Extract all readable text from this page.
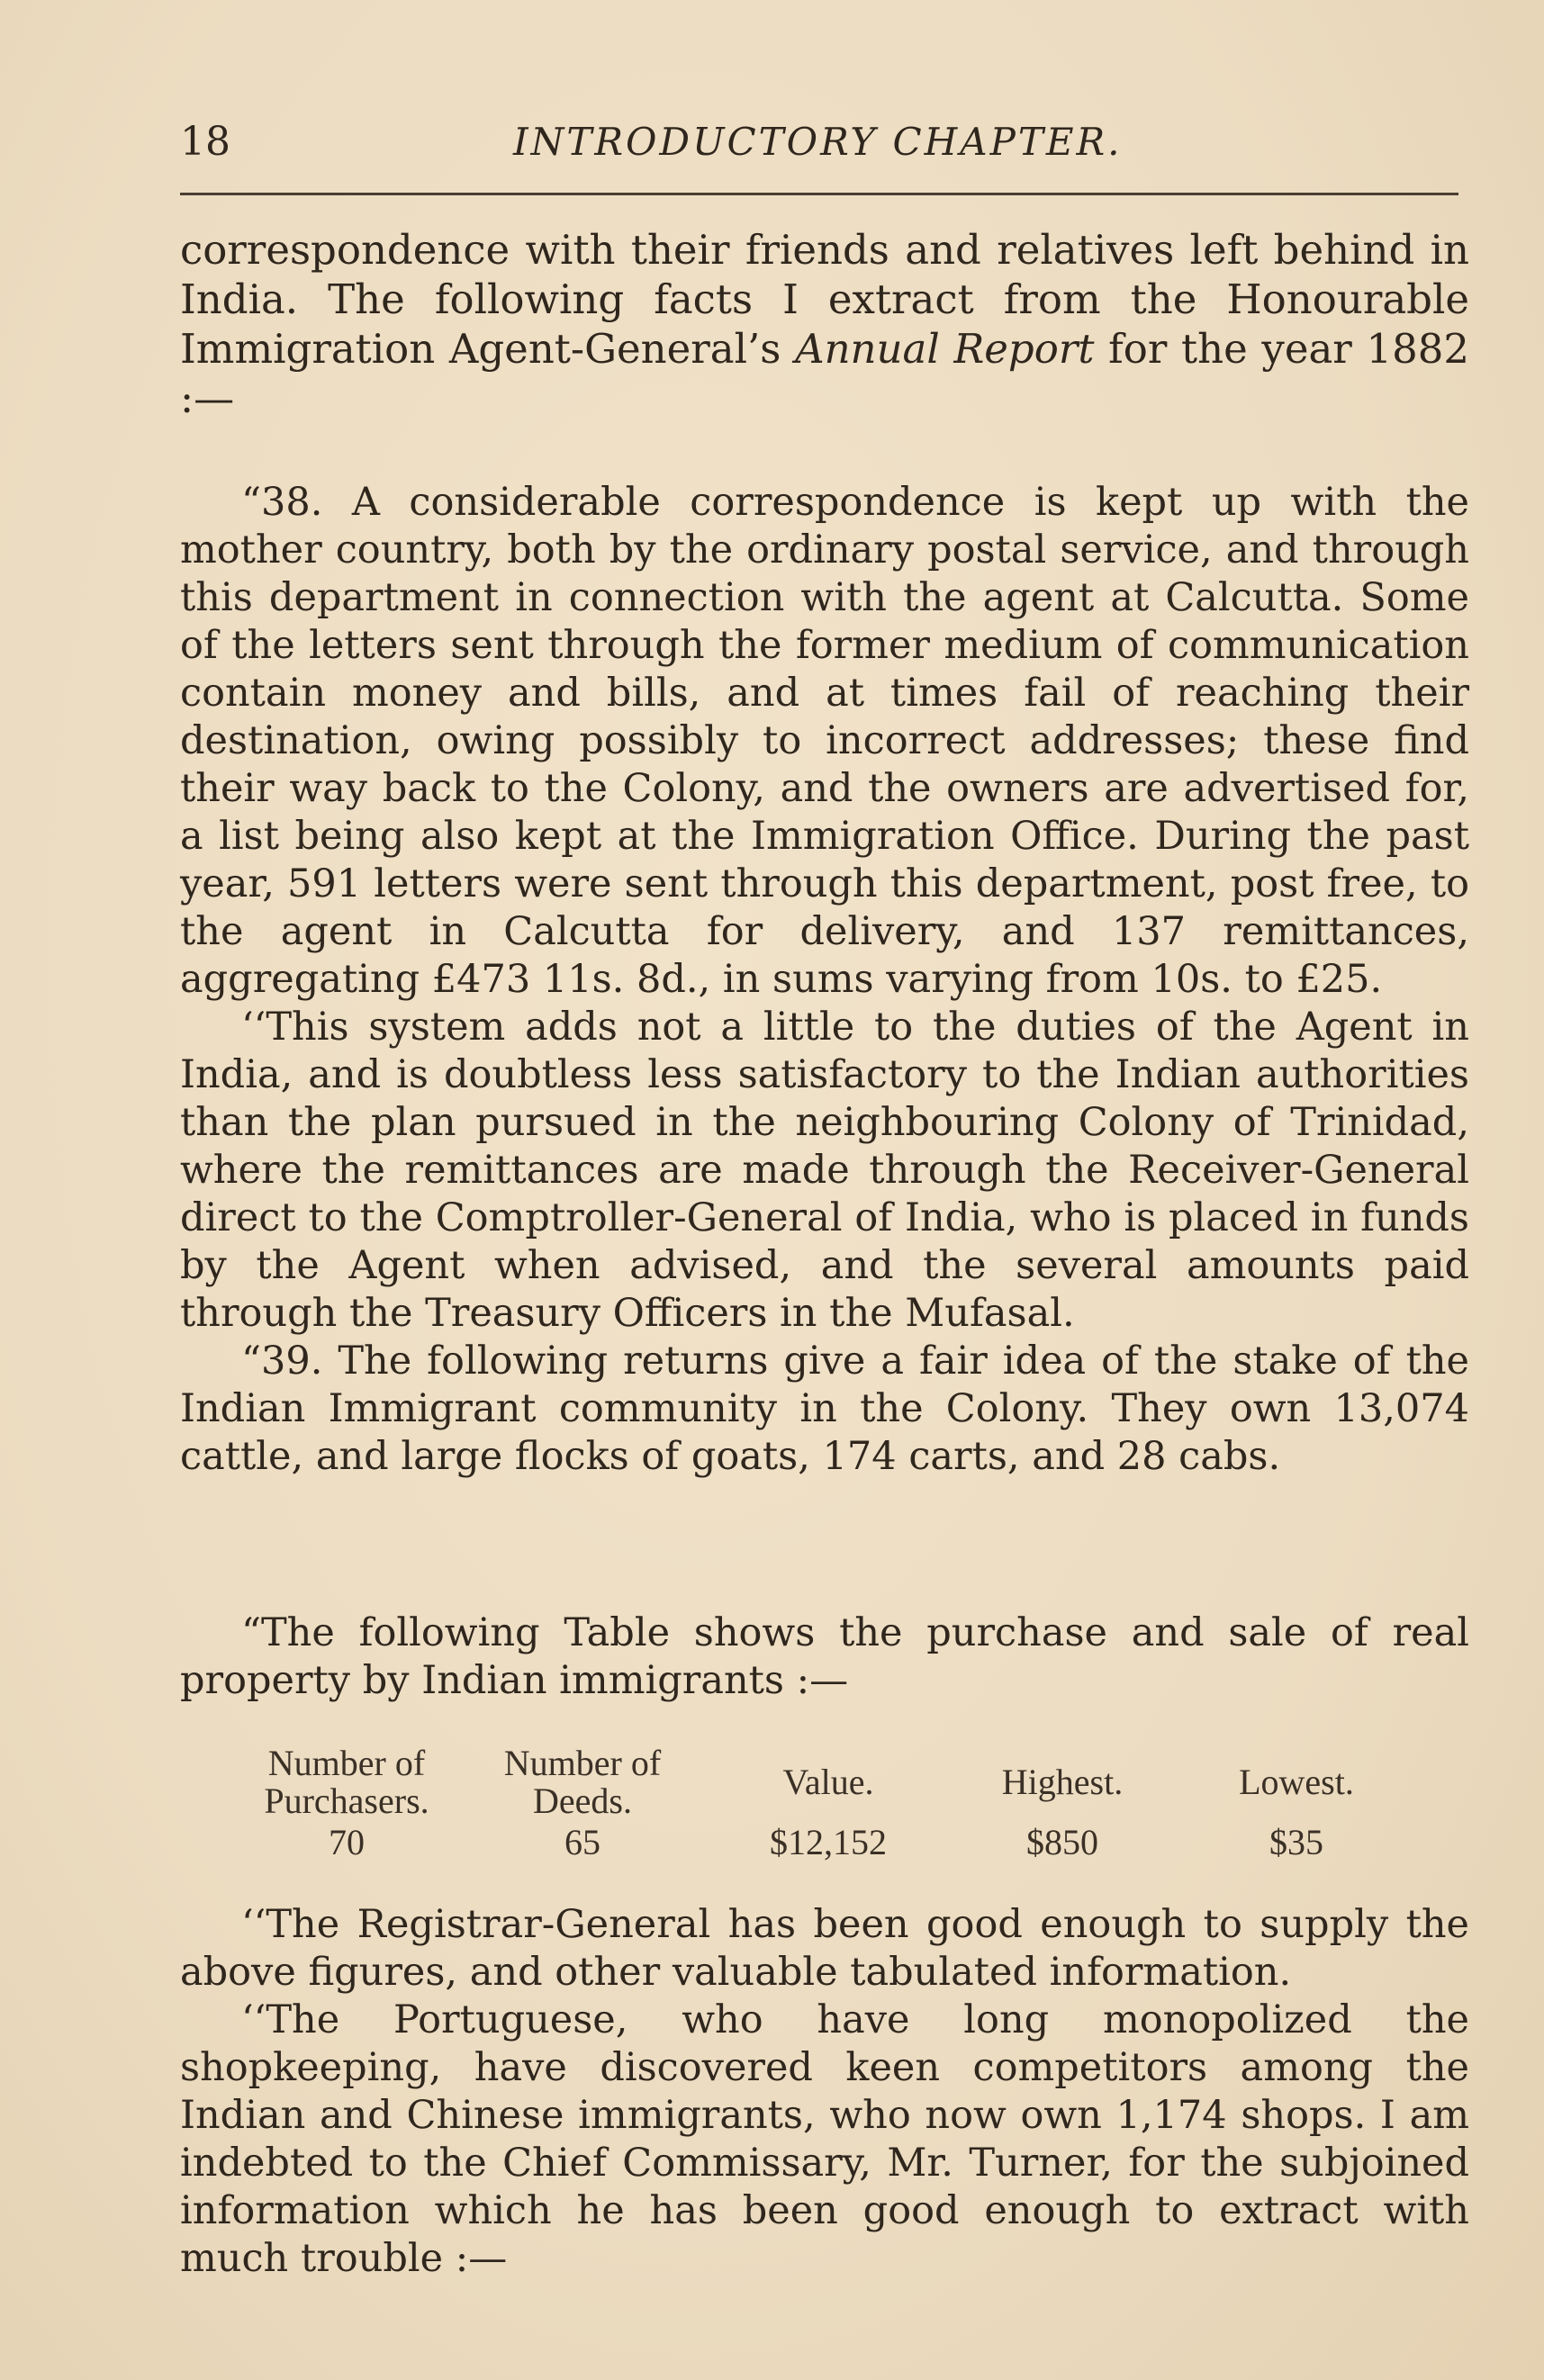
18	INTRODUCTORY CHAPTER.

correspondence with their friends and relatives left behind in India. The following facts I extract from the Honourable Immigration Agent-General’s Annual Report for the year 1882 :—

“38. A considerable correspondence is kept up with the mother country, both by the ordinary postal service, and through this department in connection with the agent at Calcutta. Some of the letters sent through the former medium of communication contain money and bills, and at times fail of reaching their destination, owing possibly to incorrect addresses; these find their way back to the Colony, and the owners are advertised for, a list being also kept at the Immigration Office. During the past year, 591 letters were sent through this department, post free, to the agent in Calcutta for delivery, and 137 remittances, aggregating £473 11s. 8d., in sums varying from 10s. to £25.

‘‘This system adds not a little to the duties of the Agent in India, and is doubtless less satisfactory to the Indian authorities than the plan pursued in the neighbouring Colony of Trinidad, where the remittances are made through the Receiver-General direct to the Comptroller-General of India, who is placed in funds by the Agent when advised, and the several amounts paid through the Treasury Officers in the Mufasal.

“39. The following returns give a fair idea of the stake of the Indian Immigrant community in the Colony. They own 13,074 cattle, and large flocks of goats, 174 carts, and 28 cabs.

“The following Table shows the purchase and sale of real property by Indian immigrants :—

Number of
Purchasers.
70
Number of
Deeds.
65
Value.
$12,152
Highest.
$850
Lowest.
$35

‘‘The Registrar-General has been good enough to supply the above figures, and other valuable tabulated information.

‘‘The Portuguese, who have long monopolized the shopkeeping, have discovered keen competitors among the Indian and Chinese immigrants, who now own 1,174 shops. I am indebted to the Chief Commissary, Mr. Turner, for the subjoined information which he has been good enough to extract with much trouble :—
